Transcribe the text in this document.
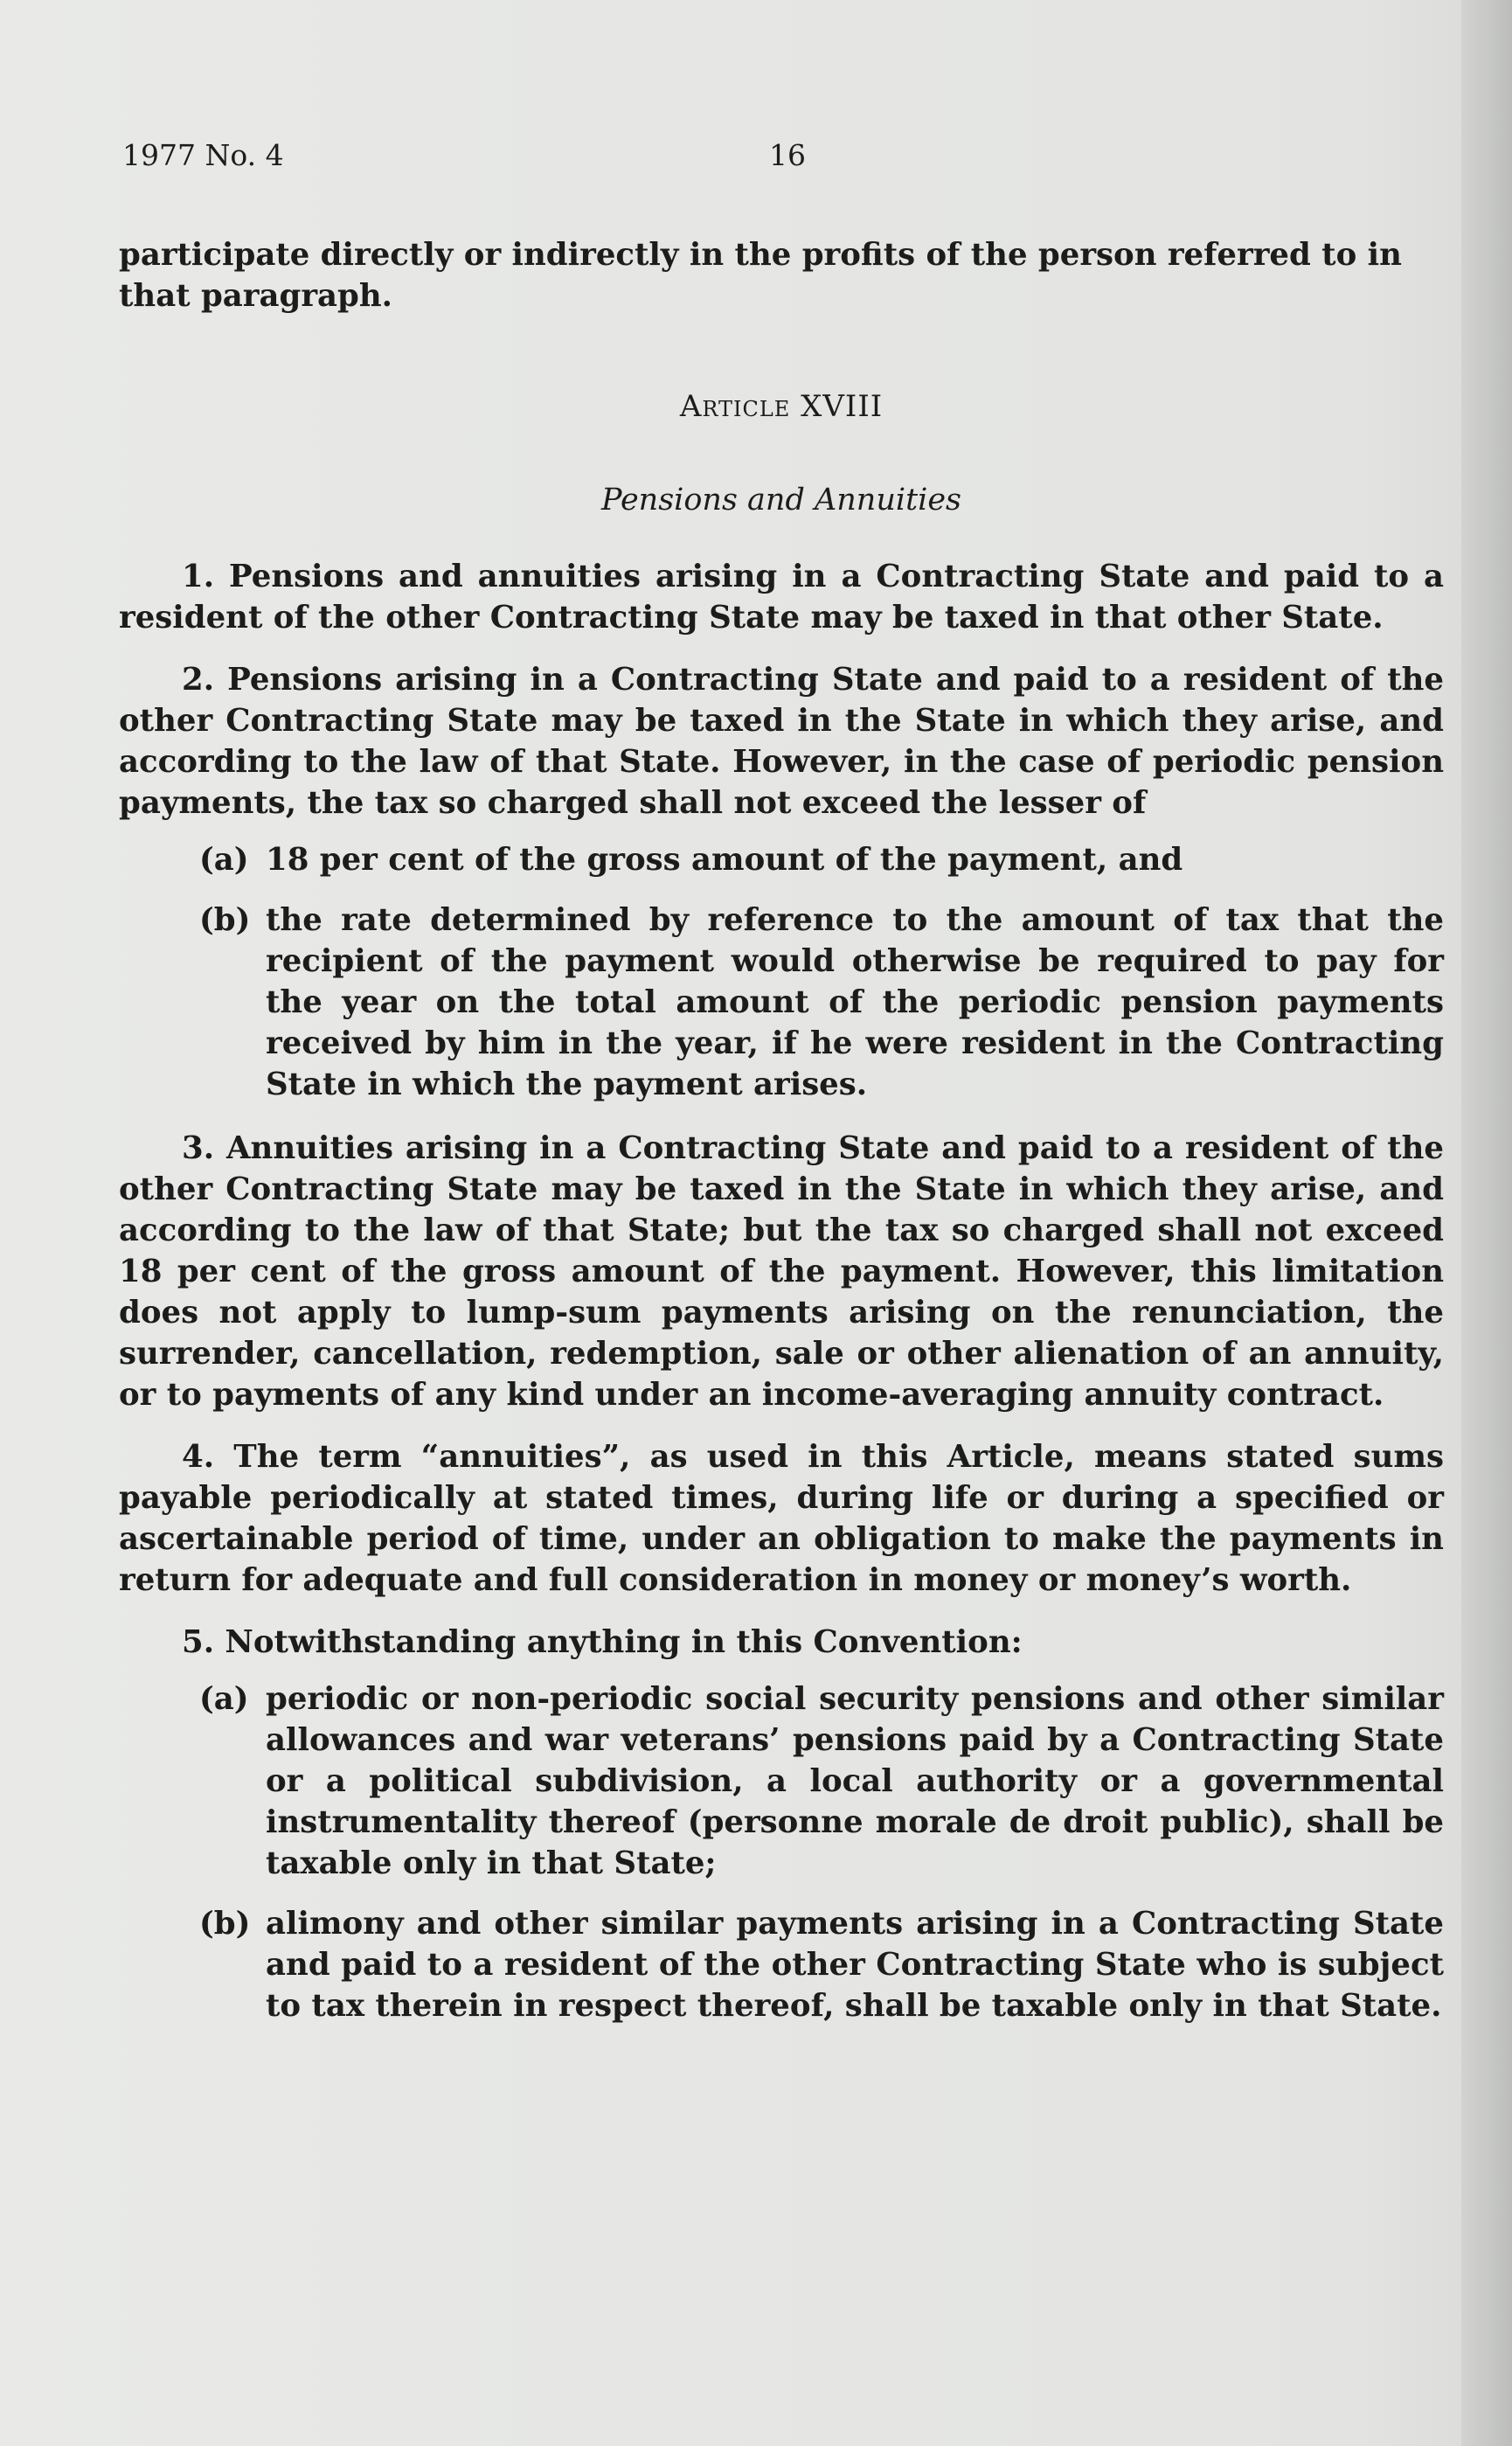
1977 No. 4	16

participate directly or indirectly in the profits of the person referred to in that paragraph.

Article XVIII

Pensions and Annuities

1. Pensions and annuities arising in a Contracting State and paid to a resident of the other Contracting State may be taxed in that other State.

2. Pensions arising in a Contracting State and paid to a resident of the other Contracting State may be taxed in the State in which they arise, and according to the law of that State. However, in the case of periodic pension payments, the tax so charged shall not exceed the lesser of

(a) 18 per cent of the gross amount of the payment, and
(b) the rate determined by reference to the amount of tax that the recipient of the payment would otherwise be required to pay for the year on the total amount of the periodic pension payments received by him in the year, if he were resident in the Contracting State in which the payment arises.

3. Annuities arising in a Contracting State and paid to a resident of the other Contracting State may be taxed in the State in which they arise, and according to the law of that State; but the tax so charged shall not exceed 18 per cent of the gross amount of the payment. However, this limitation does not apply to lump-sum payments arising on the renunciation, the surrender, cancellation, redemption, sale or other alienation of an annuity, or to payments of any kind under an income-averaging annuity contract.

4. The term “annuities”, as used in this Article, means stated sums payable periodically at stated times, during life or during a specified or ascertainable period of time, under an obligation to make the payments in return for adequate and full consideration in money or money’s worth.

5. Notwithstanding anything in this Convention:

(a) periodic or non-periodic social security pensions and other similar allowances and war veterans’ pensions paid by a Contracting State or a political subdivision, a local authority or a governmental instrumentality thereof (personne morale de droit public), shall be taxable only in that State;
(b) alimony and other similar payments arising in a Contracting State and paid to a resident of the other Contracting State who is subject to tax therein in respect thereof, shall be taxable only in that State.
